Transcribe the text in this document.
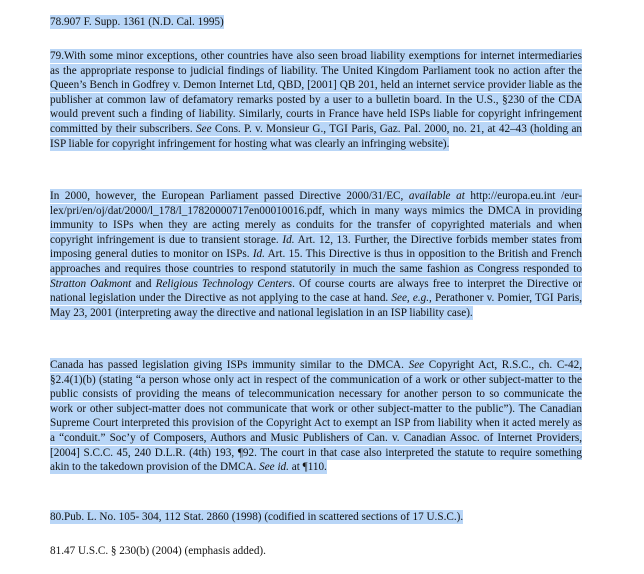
78.907 F. Supp. 1361 (N.D. Cal. 1995)
79.With some minor exceptions, other countries have also seen broad liability exemptions for internet intermediaries as the appropriate response to judicial findings of liability. The United Kingdom Parliament took no action after the Queen’s Bench in Godfrey v. Demon Internet Ltd, QBD, [2001] QB 201, held an internet service provider liable as the publisher at common law of defamatory remarks posted by a user to a bulletin board. In the U.S., §230 of the CDA would prevent such a finding of liability. Similarly, courts in France have held ISPs liable for copyright infringement committed by their subscribers. See Cons. P. v. Monsieur G., TGI Paris, Gaz. Pal. 2000, no. 21, at 42–43 (holding an ISP liable for copyright infringement for hosting what was clearly an infringing website).
In 2000, however, the European Parliament passed Directive 2000/31/EC, available at http://europa.eu.int /eur-lex/pri/en/oj/dat/2000/l_178/l_17820000717en00010016.pdf, which in many ways mimics the DMCA in providing immunity to ISPs when they are acting merely as conduits for the transfer of copyrighted materials and when copyright infringement is due to transient storage. Id. Art. 12, 13. Further, the Directive forbids member states from imposing general duties to monitor on ISPs. Id. Art. 15. This Directive is thus in opposition to the British and French approaches and requires those countries to respond statutorily in much the same fashion as Congress responded to Stratton Oakmont and Religious Technology Centers. Of course courts are always free to interpret the Directive or national legislation under the Directive as not applying to the case at hand. See, e.g., Perathoner v. Pomier, TGI Paris, May 23, 2001 (interpreting away the directive and national legislation in an ISP liability case).
Canada has passed legislation giving ISPs immunity similar to the DMCA. See Copyright Act, R.S.C., ch. C-42, §2.4(1)(b) (stating “a person whose only act in respect of the communication of a work or other subject-matter to the public consists of providing the means of telecommunication necessary for another person to so communicate the work or other subject-matter does not communicate that work or other subject-matter to the public”). The Canadian Supreme Court interpreted this provision of the Copyright Act to exempt an ISP from liability when it acted merely as a “conduit.” Soc’y of Composers, Authors and Music Publishers of Can. v. Canadian Assoc. of Internet Providers, [2004] S.C.C. 45, 240 D.L.R. (4th) 193, ¶92. The court in that case also interpreted the statute to require something akin to the takedown provision of the DMCA. See id. at ¶110.
80.Pub. L. No. 105- 304, 112 Stat. 2860 (1998) (codified in scattered sections of 17 U.S.C.).
81.47 U.S.C. § 230(b) (2004) (emphasis added).
